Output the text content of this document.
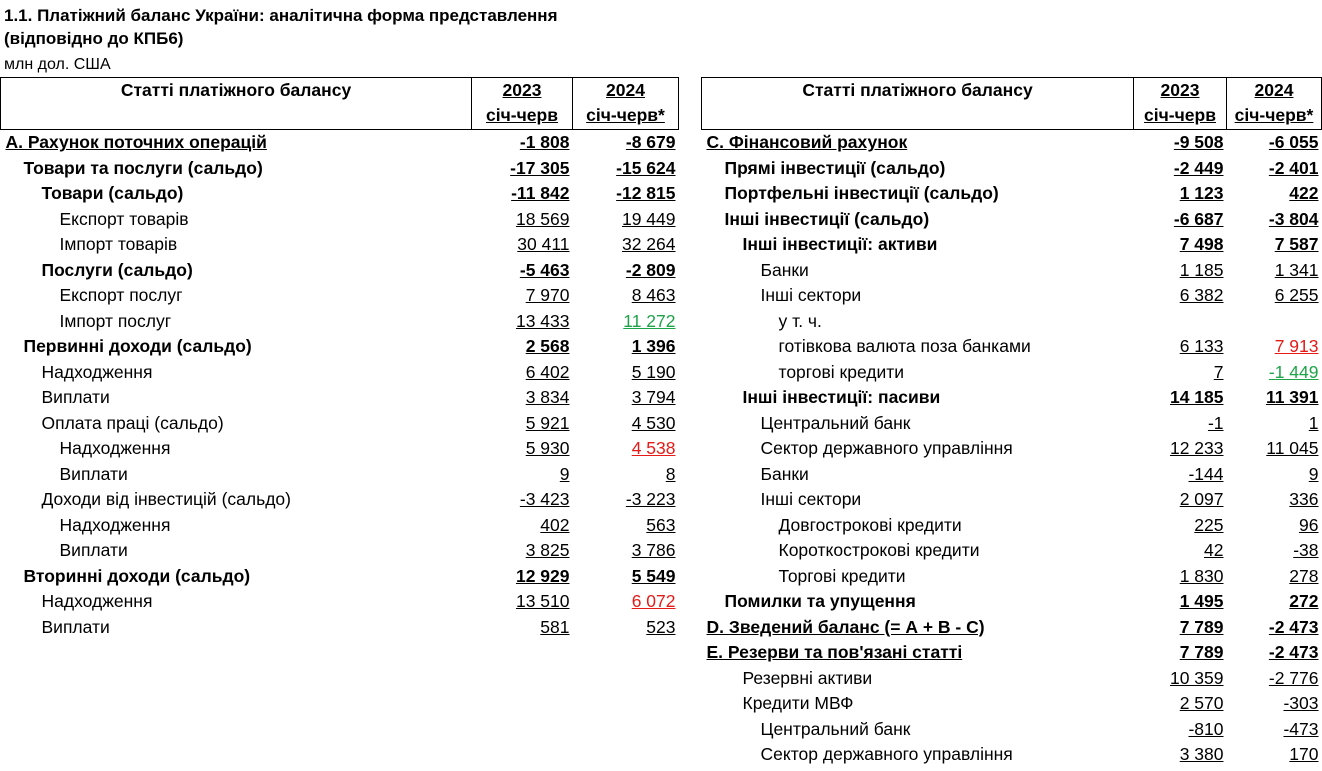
1.1. Платіжний баланс України: аналітична форма представлення
(відповідно до КПБ6)
млн дол. США
Статті платіжного балансу	2023	2024
	січ-черв	січ-черв*
А. Рахунок поточних операцій	-1 808	-8 679
Товари та послуги (сальдо)	-17 305	-15 624
Товари (сальдо)	-11 842	-12 815
Експорт товарів	18 569	19 449
Імпорт товарів	30 411	32 264
Послуги (сальдо)	-5 463	-2 809
Експорт послуг	7 970	8 463
Імпорт послуг	13 433	11 272
Первинні доходи (сальдо)	2 568	1 396
Надходження	6 402	5 190
Виплати	3 834	3 794
Оплата праці (сальдо)	5 921	4 530
Надходження	5 930	4 538
Виплати	9	8
Доходи від інвестицій (сальдо)	-3 423	-3 223
Надходження	402	563
Виплати	3 825	3 786
Вторинні доходи (сальдо)	12 929	5 549
Надходження	13 510	6 072
Виплати	581	523
Статті платіжного балансу	2023	2024
	січ-черв	січ-черв*
С. Фінансовий рахунок	-9 508	-6 055
Прямі інвестиції (сальдо)	-2 449	-2 401
Портфельні інвестиції (сальдо)	1 123	422
Інші інвестиції (сальдо)	-6 687	-3 804
Інші інвестиції: активи	7 498	7 587
Банки	1 185	1 341
Інші сектори	6 382	6 255
у т. ч.		
готівкова валюта поза банками	6 133	7 913
торгові кредити	7	-1 449
Інші інвестиції: пасиви	14 185	11 391
Центральний банк	-1	1
Сектор державного управління	12 233	11 045
Банки	-144	9
Інші сектори	2 097	336
Довгострокові кредити	225	96
Короткострокові кредити	42	-38
Торгові кредити	1 830	278
Помилки та упущення	1 495	272
D. Зведений баланс (= А + В - С)	7 789	-2 473
Е. Резерви та пов'язані статті	7 789	-2 473
Резервні активи	10 359	-2 776
Кредити МВФ	2 570	-303
Центральний банк	-810	-473
Сектор державного управління	3 380	170
